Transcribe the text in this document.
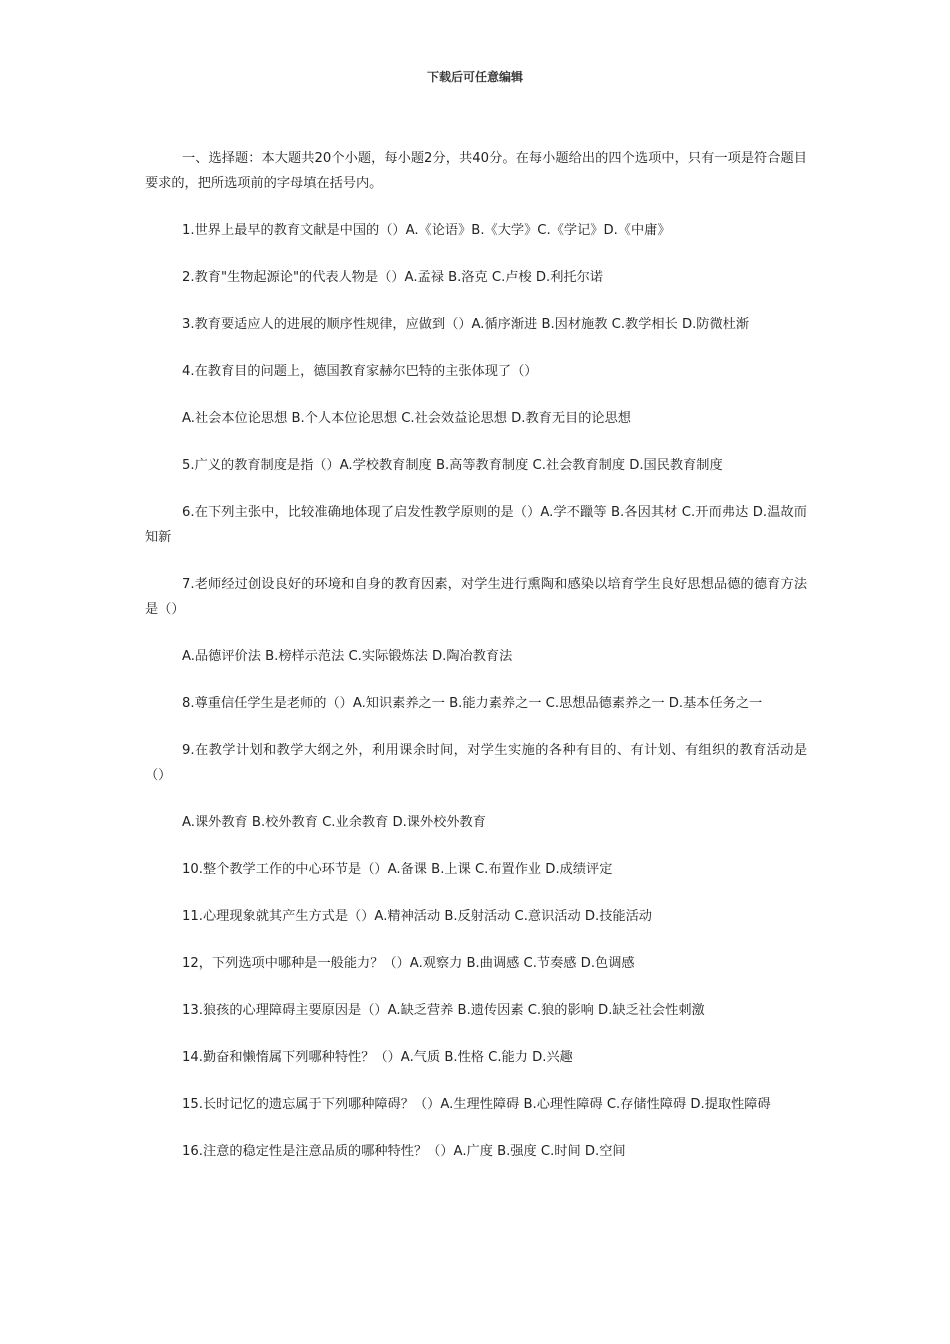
下载后可任意编辑

一、选择题：本大题共20个小题，每小题2分，共40分。在每小题给出的四个选项中，只有一项是符合题目要求的，把所选项前的字母填在括号内。

1.世界上最早的教育文献是中国的（）A.《论语》B.《大学》C.《学记》D.《中庸》

2.教育"生物起源论"的代表人物是（）A.孟禄 B.洛克 C.卢梭 D.利托尔诺

3.教育要适应人的进展的顺序性规律，应做到（）A.循序渐进 B.因材施教 C.教学相长 D.防微杜渐

4.在教育目的问题上，德国教育家赫尔巴特的主张体现了（）

A.社会本位论思想 B.个人本位论思想 C.社会效益论思想 D.教育无目的论思想

5.广义的教育制度是指（）A.学校教育制度 B.高等教育制度 C.社会教育制度 D.国民教育制度

6.在下列主张中，比较准确地体现了启发性教学原则的是（）A.学不躐等 B.各因其材 C.开而弗达 D.温故而知新

7.老师经过创设良好的环境和自身的教育因素，对学生进行熏陶和感染以培育学生良好思想品德的德育方法是（）

A.品德评价法 B.榜样示范法 C.实际锻炼法 D.陶冶教育法

8.尊重信任学生是老师的（）A.知识素养之一 B.能力素养之一 C.思想品德素养之一 D.基本任务之一

9.在教学计划和教学大纲之外，利用课余时间，对学生实施的各种有目的、有计划、有组织的教育活动是（）

A.课外教育 B.校外教育 C.业余教育 D.课外校外教育

10.整个教学工作的中心环节是（）A.备课 B.上课 C.布置作业 D.成绩评定

11.心理现象就其产生方式是（）A.精神活动 B.反射活动 C.意识活动 D.技能活动

12，下列选项中哪种是一般能力？（）A.观察力 B.曲调感 C.节奏感 D.色调感

13.狼孩的心理障碍主要原因是（）A.缺乏营养 B.遗传因素 C.狼的影响 D.缺乏社会性刺激

14.勤奋和懒惰属下列哪种特性？（）A.气质 B.性格 C.能力 D.兴趣

15.长时记忆的遗忘属于下列哪种障碍？（）A.生理性障碍 B.心理性障碍 C.存储性障碍 D.提取性障碍

16.注意的稳定性是注意品质的哪种特性？（）A.广度 B.强度 C.时间 D.空间
